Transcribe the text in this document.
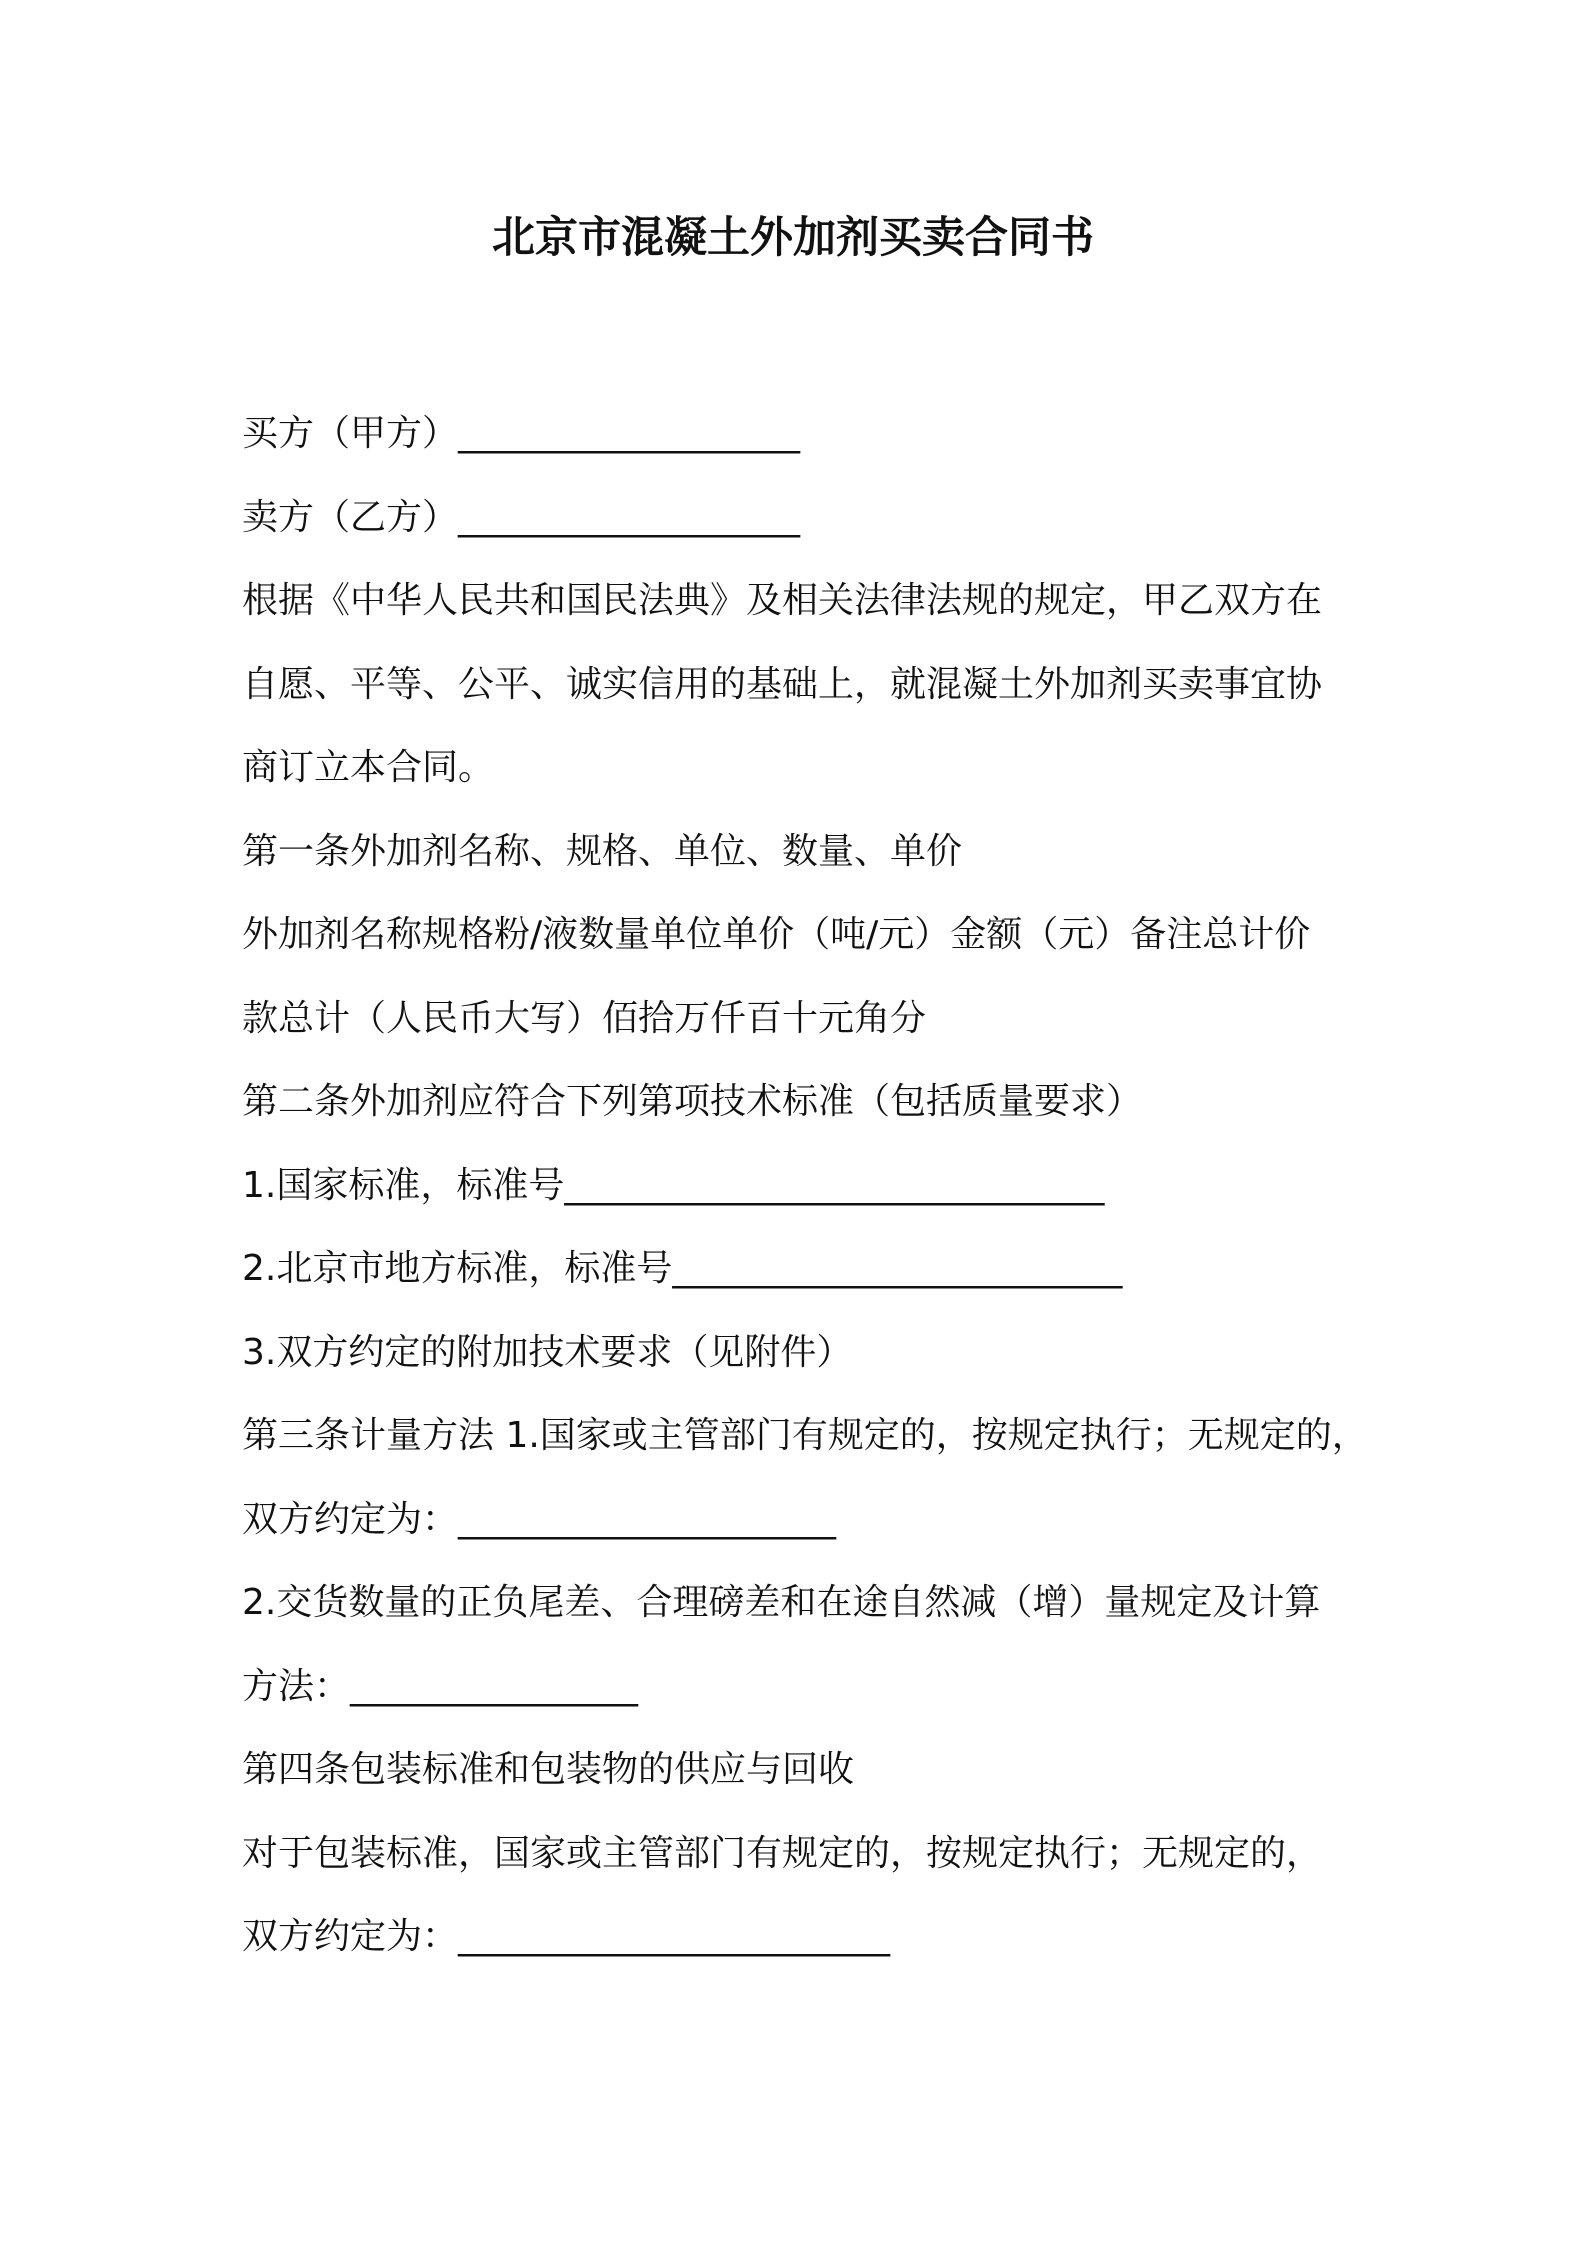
北京市混凝土外加剂买卖合同书

买方（甲方）___________________

卖方（乙方）___________________

根据《中华人民共和国民法典》及相关法律法规的规定，甲乙双方在

自愿、平等、公平、诚实信用的基础上，就混凝土外加剂买卖事宜协

商订立本合同。

第一条外加剂名称、规格、单位、数量、单价

外加剂名称规格粉/液数量单位单价（吨/元）金额（元）备注总计价

款总计（人民币大写）佰拾万仟百十元角分

第二条外加剂应符合下列第项技术标准（包括质量要求）

1.国家标准，标准号______________________________

2.北京市地方标准，标准号_________________________

3.双方约定的附加技术要求（见附件）

第三条计量方法 1.国家或主管部门有规定的，按规定执行；无规定的，

双方约定为：_____________________

2.交货数量的正负尾差、合理磅差和在途自然减（增）量规定及计算

方法：________________

第四条包装标准和包装物的供应与回收

对于包装标准，国家或主管部门有规定的，按规定执行；无规定的，

双方约定为：________________________
